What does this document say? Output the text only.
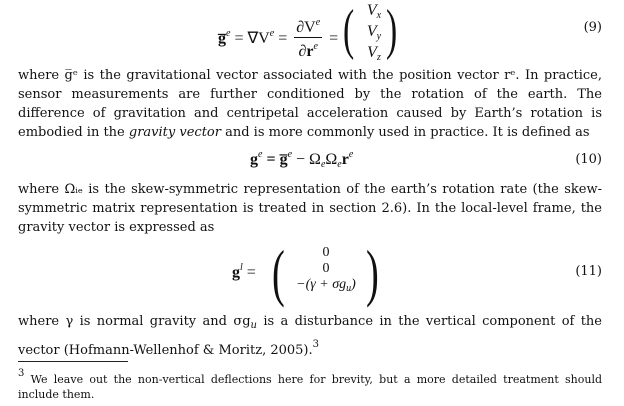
g̅$^e$ = $\nabla V^e = \frac{\partial V^e}{\partial r^e}$ = ( $V_x$
$V_y$
$V_z$ )	(9)
where g̅ᵉ is the gravitational vector associated with the position vector rᵉ. In practice, sensor measurements are further conditioned by the rotation of the earth. The difference of gravitation and centripetal acceleration caused by Earth’s rotation is embodied in the gravity vector and is more commonly used in practice. It is defined as
$g^e$ = g̅$^e$ − $\Omega_e\Omega_er^e$	(10)
where Ωᵢₑ is the skew-symmetric representation of the earth’s rotation rate (the skew-symmetric matrix representation is treated in section 2.6). In the local-level frame, the gravity vector is expressed as
$g^l$ = (	0
0
$-(\gamma + \sigma g_u)$ )	(11)
where γ is normal gravity and $\sigma g_u$ is a disturbance in the vertical component of the vector (Hofmann-Wellenhof & Moritz, 2005).$^3$
$^3$ We leave out the non-vertical deflections here for brevity, but a more detailed treatment should include them.
